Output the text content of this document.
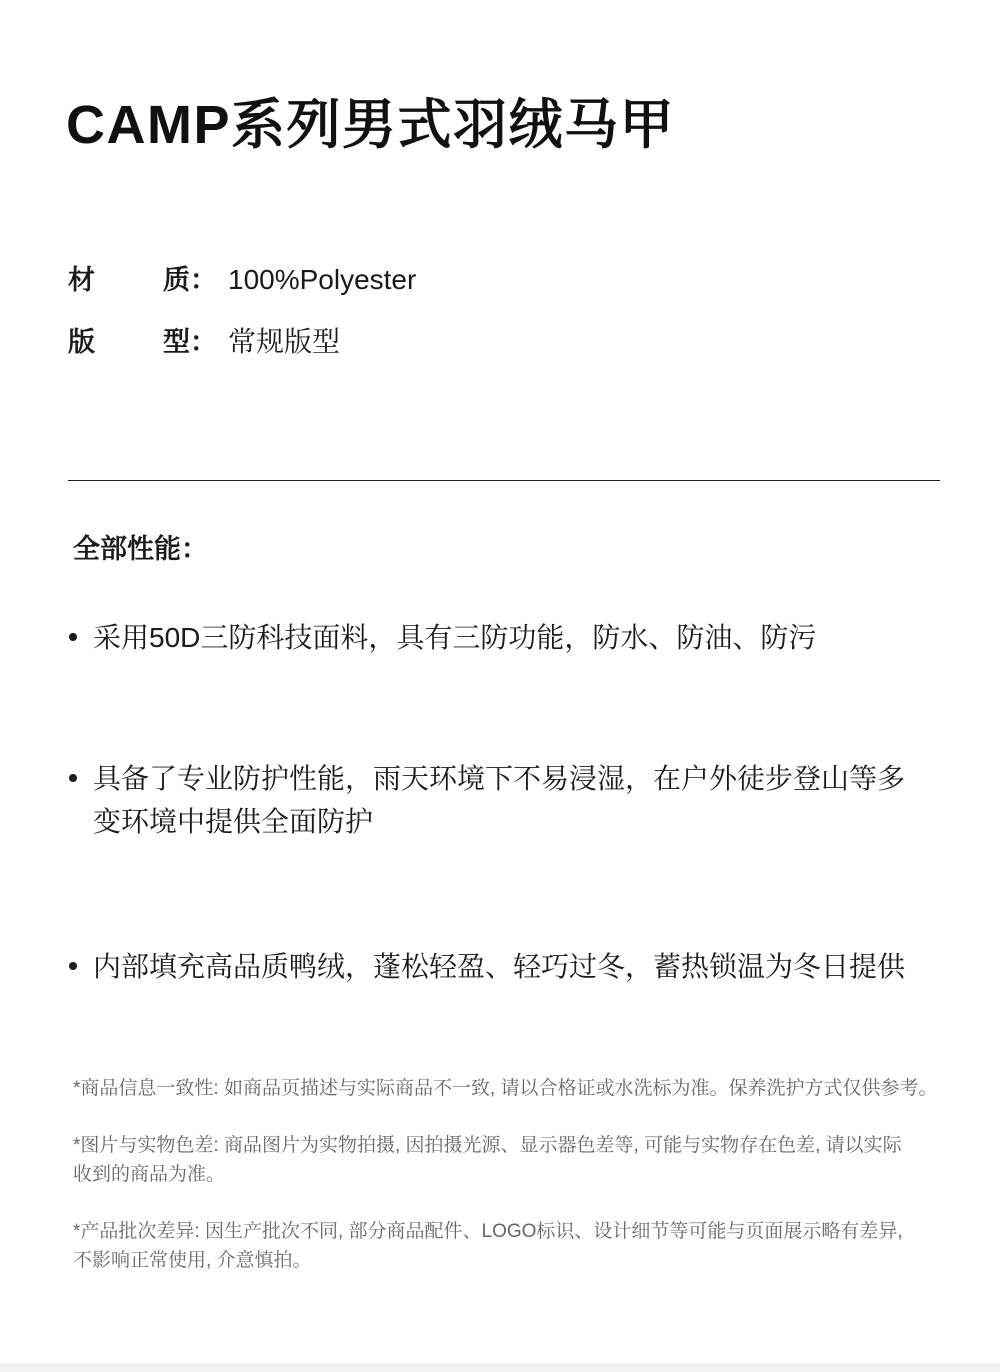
CAMP系列男式羽绒马甲
材	质： 100%Polyester
版	型： 常规版型
全部性能：
采用50D三防科技面料，具有三防功能，防水、防油、防污
具备了专业防护性能，雨天环境下不易浸湿，在户外徒步登山等多
变环境中提供全面防护
内部填充高品质鸭绒，蓬松轻盈、轻巧过冬，蓄热锁温为冬日提供
*商品信息一致性: 如商品页描述与实际商品不一致, 请以合格证或水洗标为准。保养洗护方式仅供参考。
*图片与实物色差: 商品图片为实物拍摄, 因拍摄光源、显示器色差等, 可能与实物存在色差, 请以实际
收到的商品为准。
*产品批次差异: 因生产批次不同, 部分商品配件、LOGO标识、设计细节等可能与页面展示略有差异,
不影响正常使用, 介意慎拍。
